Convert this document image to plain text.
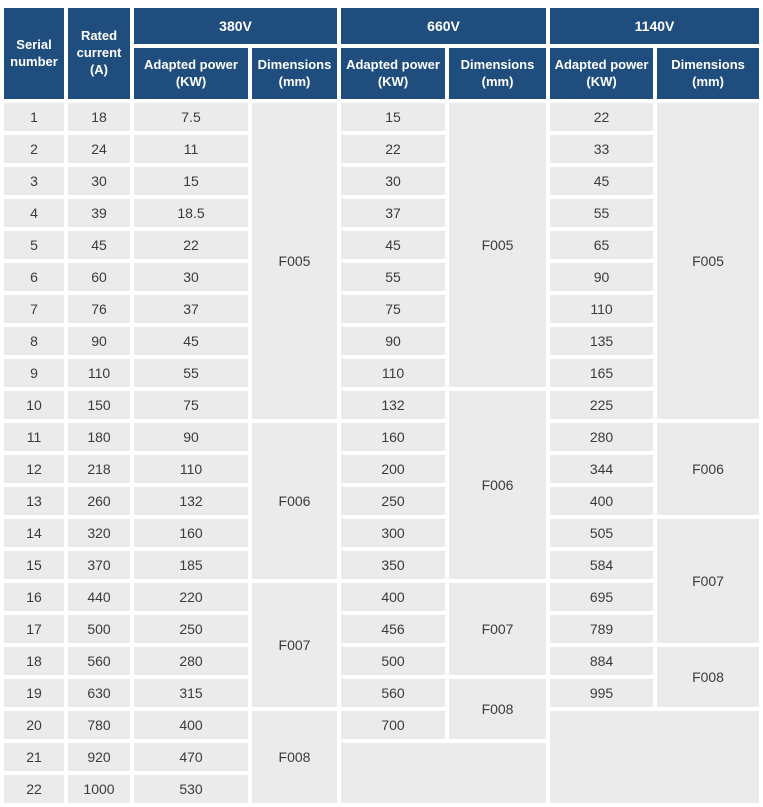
Serial number	Rated current (A)	380V		660V		1140V	
		Adapted power (KW)	Dimensions (mm)	Adapted power (KW)	Dimensions (mm)	Adapted power (KW)	Dimensions (mm)
1	18	7.5	F005	15	F005	22	F005
2	24	11		22		33	
3	30	15		30		45	
4	39	18.5		37		55	
5	45	22		45		65	
6	60	30		55		90	
7	76	37		75		110	
8	90	45		90		135	
9	110	55		110		165	
10	150	75		132	F006	225	
11	180	90	F006	160		280	F006
12	218	110		200		344	
13	260	132		250		400	
14	320	160		300		505	F007
15	370	185		350		584	
16	440	220	F007	400	F007	695	
17	500	250		456		789	
18	560	280		500		884	F008
19	630	315		560	F008	995	
20	780	400	F008	700			
21	920	470					
22	1000	530					
